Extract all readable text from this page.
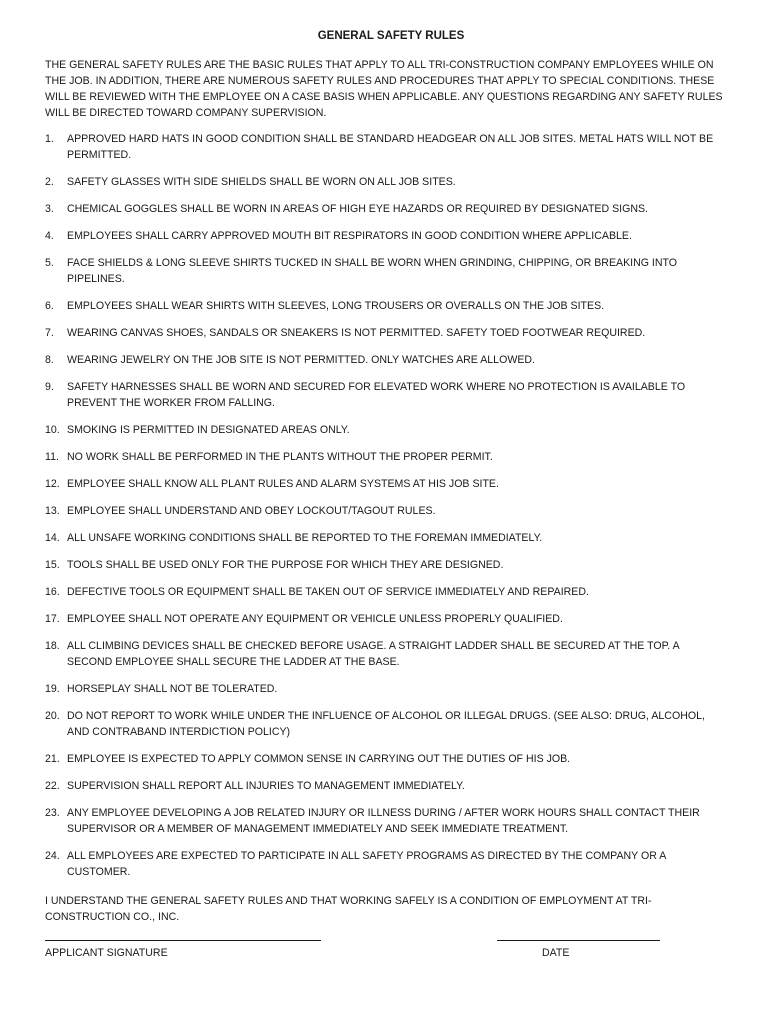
GENERAL SAFETY RULES
THE GENERAL SAFETY RULES ARE THE BASIC RULES THAT APPLY TO ALL TRI-CONSTRUCTION COMPANY EMPLOYEES WHILE ON THE JOB. IN ADDITION, THERE ARE NUMEROUS SAFETY RULES AND PROCEDURES THAT APPLY TO SPECIAL CONDITIONS. THESE WILL BE REVIEWED WITH THE EMPLOYEE ON A CASE BASIS WHEN APPLICABLE. ANY QUESTIONS REGARDING ANY SAFETY RULES WILL BE DIRECTED TOWARD COMPANY SUPERVISION.
1. APPROVED HARD HATS IN GOOD CONDITION SHALL BE STANDARD HEADGEAR ON ALL JOB SITES. METAL HATS WILL NOT BE PERMITTED.
2. SAFETY GLASSES WITH SIDE SHIELDS SHALL BE WORN ON ALL JOB SITES.
3. CHEMICAL GOGGLES SHALL BE WORN IN AREAS OF HIGH EYE HAZARDS OR REQUIRED BY DESIGNATED SIGNS.
4. EMPLOYEES SHALL CARRY APPROVED MOUTH BIT RESPIRATORS IN GOOD CONDITION WHERE APPLICABLE.
5. FACE SHIELDS & LONG SLEEVE SHIRTS TUCKED IN SHALL BE WORN WHEN GRINDING, CHIPPING, OR BREAKING INTO PIPELINES.
6. EMPLOYEES SHALL WEAR SHIRTS WITH SLEEVES, LONG TROUSERS OR OVERALLS ON THE JOB SITES.
7. WEARING CANVAS SHOES, SANDALS OR SNEAKERS IS NOT PERMITTED. SAFETY TOED FOOTWEAR REQUIRED.
8. WEARING JEWELRY ON THE JOB SITE IS NOT PERMITTED. ONLY WATCHES ARE ALLOWED.
9. SAFETY HARNESSES SHALL BE WORN AND SECURED FOR ELEVATED WORK WHERE NO PROTECTION IS AVAILABLE TO PREVENT THE WORKER FROM FALLING.
10. SMOKING IS PERMITTED IN DESIGNATED AREAS ONLY.
11. NO WORK SHALL BE PERFORMED IN THE PLANTS WITHOUT THE PROPER PERMIT.
12. EMPLOYEE SHALL KNOW ALL PLANT RULES AND ALARM SYSTEMS AT HIS JOB SITE.
13. EMPLOYEE SHALL UNDERSTAND AND OBEY LOCKOUT/TAGOUT RULES.
14. ALL UNSAFE WORKING CONDITIONS SHALL BE REPORTED TO THE FOREMAN IMMEDIATELY.
15. TOOLS SHALL BE USED ONLY FOR THE PURPOSE FOR WHICH THEY ARE DESIGNED.
16. DEFECTIVE TOOLS OR EQUIPMENT SHALL BE TAKEN OUT OF SERVICE IMMEDIATELY AND REPAIRED.
17. EMPLOYEE SHALL NOT OPERATE ANY EQUIPMENT OR VEHICLE UNLESS PROPERLY QUALIFIED.
18. ALL CLIMBING DEVICES SHALL BE CHECKED BEFORE USAGE. A STRAIGHT LADDER SHALL BE SECURED AT THE TOP. A SECOND EMPLOYEE SHALL SECURE THE LADDER AT THE BASE.
19. HORSEPLAY SHALL NOT BE TOLERATED.
20. DO NOT REPORT TO WORK WHILE UNDER THE INFLUENCE OF ALCOHOL OR ILLEGAL DRUGS. (SEE ALSO: DRUG, ALCOHOL, AND CONTRABAND INTERDICTION POLICY)
21. EMPLOYEE IS EXPECTED TO APPLY COMMON SENSE IN CARRYING OUT THE DUTIES OF HIS JOB.
22. SUPERVISION SHALL REPORT ALL INJURIES TO MANAGEMENT IMMEDIATELY.
23. ANY EMPLOYEE DEVELOPING A JOB RELATED INJURY OR ILLNESS DURING / AFTER WORK HOURS SHALL CONTACT THEIR SUPERVISOR OR A MEMBER OF MANAGEMENT IMMEDIATELY AND SEEK IMMEDIATE TREATMENT.
24. ALL EMPLOYEES ARE EXPECTED TO PARTICIPATE IN ALL SAFETY PROGRAMS AS DIRECTED BY THE COMPANY OR A CUSTOMER.
I UNDERSTAND THE GENERAL SAFETY RULES AND THAT WORKING SAFELY IS A CONDITION OF EMPLOYMENT AT TRI-CONSTRUCTION CO., INC.
APPLICANT SIGNATURE	DATE
